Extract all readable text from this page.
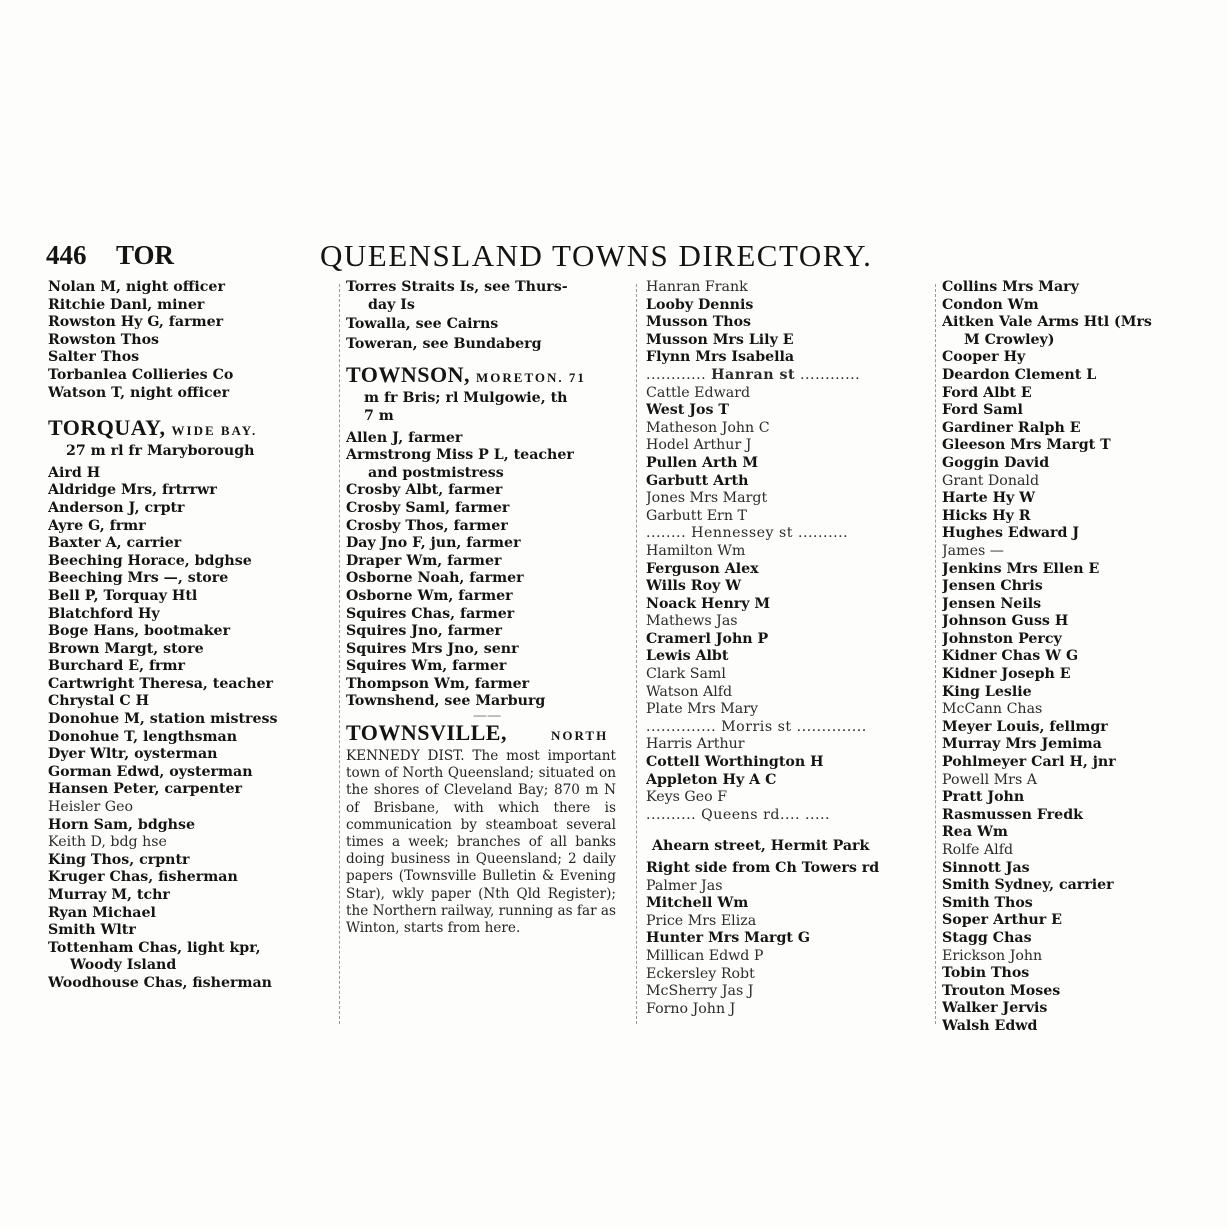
446 TOR	QUEENSLAND TOWNS DIRECTORY.
Nolan M, night officer
Ritchie Danl, miner
Rowston Hy G, farmer
Rowston Thos
Salter Thos
Torbanlea Collieries Co
Watson T, night officer
TORQUAY, WIDE BAY.
27 m rl fr Maryborough
Aird H
Aldridge Mrs, frtrrwr
Anderson J, crptr
Ayre G, frmr
Baxter A, carrier
Beeching Horace, bdghse
Beeching Mrs —, store
Bell P, Torquay Htl
Blatchford Hy
Boge Hans, bootmaker
Brown Margt, store
Burchard E, frmr
Cartwright Theresa, teacher
Chrystal C H
Donohue M, station mistress
Donohue T, lengthsman
Dyer Wltr, oysterman
Gorman Edwd, oysterman
Hansen Peter, carpenter
Heisler Geo
Horn Sam, bdghse
Keith D, bdg hse
King Thos, crpntr
Kruger Chas, fisherman
Murray M, tchr
Ryan Michael
Smith Wltr
Tottenham Chas, light kpr,
Woody Island
Woodhouse Chas, fisherman
Torres Straits Is, see Thurs-
day Is
Towalla, see Cairns
Toweran, see Bundaberg
TOWNSON, MORETON. 71
m fr Bris; rl Mulgowie, th
7 m
Allen J, farmer
Armstrong Miss P L, teacher
and postmistress
Crosby Albt, farmer
Crosby Saml, farmer
Crosby Thos, farmer
Day Jno F, jun, farmer
Draper Wm, farmer
Osborne Noah, farmer
Osborne Wm, farmer
Squires Chas, farmer
Squires Jno, farmer
Squires Mrs Jno, senr
Squires Wm, farmer
Thompson Wm, farmer
Townshend, see Marburg
——
TOWNSVILLE,	NORTH
KENNEDY DIST. The most important town of North Queensland; situated on the shores of Cleveland Bay; 870 m N of Brisbane, with which there is communication by steamboat several times a week; branches of all banks doing business in Queensland; 2 daily papers (Townsville Bulletin & Evening Star), wkly paper (Nth Qld Register); the Northern railway, running as far as Winton, starts from here.
Hanran Frank
Looby Dennis
Musson Thos
Musson Mrs Lily E
Flynn Mrs Isabella
............ Hanran st ............
Cattle Edward
West Jos T
Matheson John C
Hodel Arthur J
Pullen Arth M
Garbutt Arth
Jones Mrs Margt
Garbutt Ern T
........ Hennessey st ..........
Hamilton Wm
Ferguson Alex
Wills Roy W
Noack Henry M
Mathews Jas
Cramerl John P
Lewis Albt
Clark Saml
Watson Alfd
Plate Mrs Mary
.............. Morris st ..............
Harris Arthur
Cottell Worthington H
Appleton Hy A C
Keys Geo F
.......... Queens rd.... .....
Ahearn street, Hermit Park
Right side from Ch Towers rd
Palmer Jas
Mitchell Wm
Price Mrs Eliza
Hunter Mrs Margt G
Millican Edwd P
Eckersley Robt
McSherry Jas J
Forno John J
Collins Mrs Mary
Condon Wm
Aitken Vale Arms Htl (Mrs
M Crowley)
Cooper Hy
Deardon Clement L
Ford Albt E
Ford Saml
Gardiner Ralph E
Gleeson Mrs Margt T
Goggin David
Grant Donald
Harte Hy W
Hicks Hy R
Hughes Edward J
James —
Jenkins Mrs Ellen E
Jensen Chris
Jensen Neils
Johnson Guss H
Johnston Percy
Kidner Chas W G
Kidner Joseph E
King Leslie
McCann Chas
Meyer Louis, fellmgr
Murray Mrs Jemima
Pohlmeyer Carl H, jnr
Powell Mrs A
Pratt John
Rasmussen Fredk
Rea Wm
Rolfe Alfd
Sinnott Jas
Smith Sydney, carrier
Smith Thos
Soper Arthur E
Stagg Chas
Erickson John
Tobin Thos
Trouton Moses
Walker Jervis
Walsh Edwd
